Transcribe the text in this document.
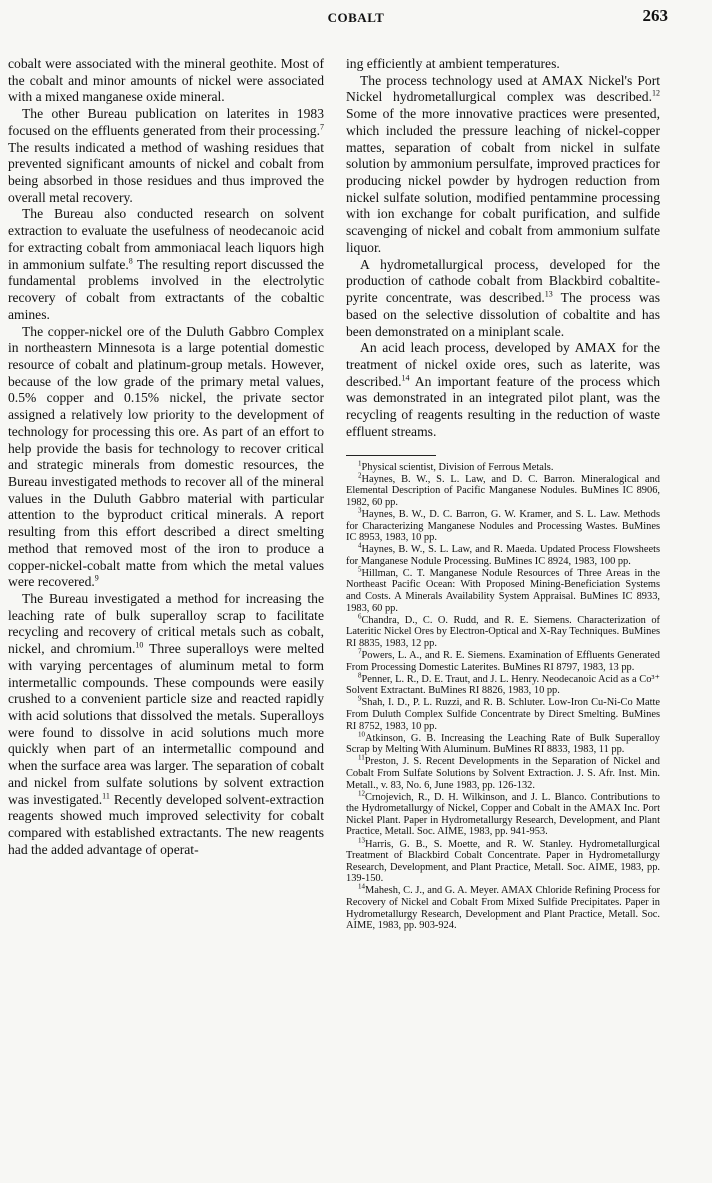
COBALT	263

cobalt were associated with the mineral geothite. Most of the cobalt and minor amounts of nickel were associated with a mixed manganese oxide mineral.

The other Bureau publication on laterites in 1983 focused on the effluents generated from their processing.$^7$ The results indicated a method of washing residues that prevented significant amounts of nickel and cobalt from being absorbed in those residues and thus improved the overall metal recovery.

The Bureau also conducted research on solvent extraction to evaluate the usefulness of neodecanoic acid for extracting cobalt from ammoniacal leach liquors high in ammonium sulfate.$^8$ The resulting report discussed the fundamental problems involved in the electrolytic recovery of cobalt from extractants of the cobaltic amines.

The copper-nickel ore of the Duluth Gabbro Complex in northeastern Minnesota is a large potential domestic resource of cobalt and platinum-group metals. However, because of the low grade of the primary metal values, 0.5% copper and 0.15% nickel, the private sector assigned a relatively low priority to the development of technology for processing this ore. As part of an effort to help provide the basis for technology to recover critical and strategic minerals from domestic resources, the Bureau investigated methods to recover all of the mineral values in the Duluth Gabbro material with particular attention to the byproduct critical minerals. A report resulting from this effort described a direct smelting method that removed most of the iron to produce a copper-nickel-cobalt matte from which the metal values were recovered.$^9$

The Bureau investigated a method for increasing the leaching rate of bulk superalloy scrap to facilitate recycling and recovery of critical metals such as cobalt, nickel, and chromium.$^{10}$ Three superalloys were melted with varying percentages of aluminum metal to form intermetallic compounds. These compounds were easily crushed to a convenient particle size and reacted rapidly with acid solutions that dissolved the metals. Superalloys were found to dissolve in acid solutions much more quickly when part of an intermetallic compound and when the surface area was larger. The separation of cobalt and nickel from sulfate solutions by solvent extraction was investigated.$^{11}$ Recently developed solvent-extraction reagents showed much improved selectivity for cobalt compared with established extractants. The new reagents had the added advantage of operat-

ing efficiently at ambient temperatures.

The process technology used at AMAX Nickel's Port Nickel hydrometallurgical complex was described.$^{12}$ Some of the more innovative practices were presented, which included the pressure leaching of nickel-copper mattes, separation of cobalt from nickel in sulfate solution by ammonium persulfate, improved practices for producing nickel powder by hydrogen reduction from nickel sulfate solution, modified pentammine processing with ion exchange for cobalt purification, and sulfide scavenging of nickel and cobalt from ammonium sulfate liquor.

A hydrometallurgical process, developed for the production of cathode cobalt from Blackbird cobaltite-pyrite concentrate, was described.$^{13}$ The process was based on the selective dissolution of cobaltite and has been demonstrated on a miniplant scale.

An acid leach process, developed by AMAX for the treatment of nickel oxide ores, such as laterite, was described.$^{14}$ An important feature of the process which was demonstrated in an integrated pilot plant, was the recycling of reagents resulting in the reduction of waste effluent streams.

$^1$Physical scientist, Division of Ferrous Metals.

$^2$Haynes, B. W., S. L. Law, and D. C. Barron. Mineralogical and Elemental Description of Pacific Manganese Nodules. BuMines IC 8906, 1982, 60 pp.

$^3$Haynes, B. W., D. C. Barron, G. W. Kramer, and S. L. Law. Methods for Characterizing Manganese Nodules and Processing Wastes. BuMines IC 8953, 1983, 10 pp.

$^4$Haynes, B. W., S. L. Law, and R. Maeda. Updated Process Flowsheets for Manganese Nodule Processing. BuMines IC 8924, 1983, 100 pp.

$^5$Hillman, C. T. Manganese Nodule Resources of Three Areas in the Northeast Pacific Ocean: With Proposed Mining-Beneficiation Systems and Costs. A Minerals Availability System Appraisal. BuMines IC 8933, 1983, 60 pp.

$^6$Chandra, D., C. O. Rudd, and R. E. Siemens. Characterization of Lateritic Nickel Ores by Electron-Optical and X-Ray Techniques. BuMines RI 8835, 1983, 12 pp.

$^7$Powers, L. A., and R. E. Siemens. Examination of Effluents Generated From Processing Domestic Laterites. BuMines RI 8797, 1983, 13 pp.

$^8$Penner, L. R., D. E. Traut, and J. L. Henry. Neodecanoic Acid as a Co³⁺ Solvent Extractant. BuMines RI 8826, 1983, 10 pp.

$^9$Shah, I. D., P. L. Ruzzi, and R. B. Schluter. Low-Iron Cu-Ni-Co Matte From Duluth Complex Sulfide Concentrate by Direct Smelting. BuMines RI 8752, 1983, 10 pp.

$^{10}$Atkinson, G. B. Increasing the Leaching Rate of Bulk Superalloy Scrap by Melting With Aluminum. BuMines RI 8833, 1983, 11 pp.

$^{11}$Preston, J. S. Recent Developments in the Separation of Nickel and Cobalt From Sulfate Solutions by Solvent Extraction. J. S. Afr. Inst. Min. Metall., v. 83, No. 6, June 1983, pp. 126-132.

$^{12}$Crnojevich, R., D. H. Wilkinson, and J. L. Blanco. Contributions to the Hydrometallurgy of Nickel, Copper and Cobalt in the AMAX Inc. Port Nickel Plant. Paper in Hydrometallurgy Research, Development, and Plant Practice, Metall. Soc. AIME, 1983, pp. 941-953.

$^{13}$Harris, G. B., S. Moette, and R. W. Stanley. Hydrometallurgical Treatment of Blackbird Cobalt Concentrate. Paper in Hydrometallurgy Research, Development, and Plant Practice, Metall. Soc. AIME, 1983, pp. 139-150.

$^{14}$Mahesh, C. J., and G. A. Meyer. AMAX Chloride Refining Process for Recovery of Nickel and Cobalt From Mixed Sulfide Precipitates. Paper in Hydrometallurgy Research, Development and Plant Practice, Metall. Soc. AIME, 1983, pp. 903-924.
